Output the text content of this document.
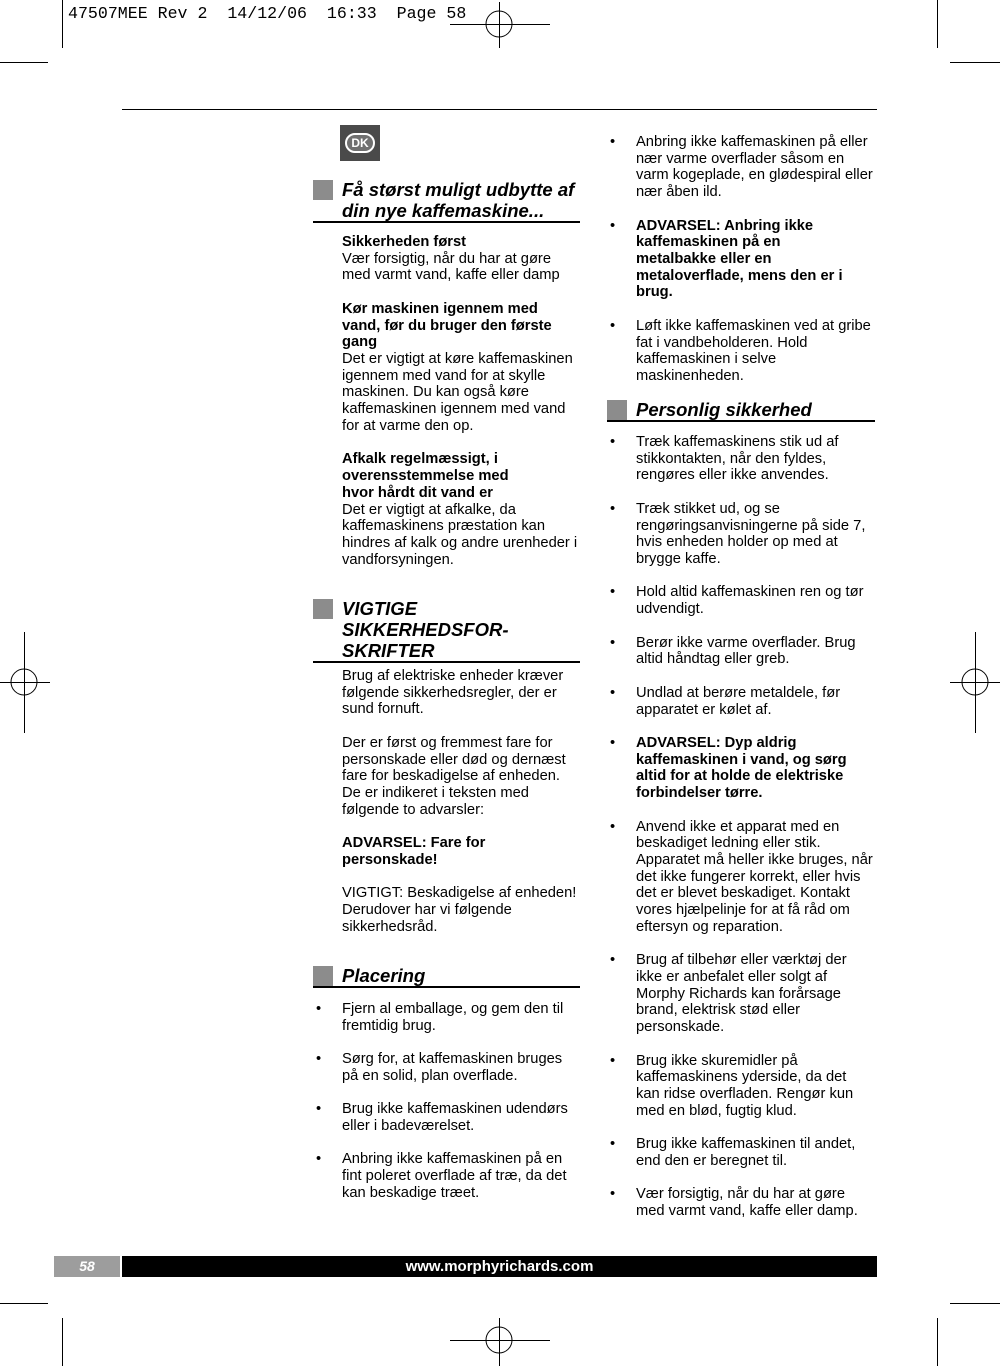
47507MEE Rev 2  14/12/06  16:33  Page 58
DK
Få størst muligt udbytte af
din nye kaffemaskine...
Sikkerheden først
Vær forsigtig, når du har at gøre
med varmt vand, kaffe eller damp
Kør maskinen igennem med
vand, før du bruger den første
gang
Det er vigtigt at køre kaffemaskinen
igennem med vand for at skylle
maskinen. Du kan også køre
kaffemaskinen igennem med vand
for at varme den op.
Afkalk regelmæssigt, i
overensstemmelse med
hvor hårdt dit vand er
Det er vigtigt at afkalke, da
kaffemaskinens præstation kan
hindres af kalk og andre urenheder i
vandforsyningen.
VIGTIGE
SIKKERHEDSFOR-
SKRIFTER
Brug af elektriske enheder kræver
følgende sikkerhedsregler, der er
sund fornuft.
Der er først og fremmest fare for
personskade eller død og dernæst
fare for beskadigelse af enheden.
De er indikeret i teksten med
følgende to advarsler:
ADVARSEL: Fare for
personskade!
VIGTIGT: Beskadigelse af enheden!
Derudover har vi følgende
sikkerhedsråd.
Placering
•
Fjern al emballage, og gem den til
fremtidig brug.
•
Sørg for, at kaffemaskinen bruges
på en solid, plan overflade.
•
Brug ikke kaffemaskinen udendørs
eller i badeværelset.
•
Anbring ikke kaffemaskinen på en
fint poleret overflade af træ, da det
kan beskadige træet.
•
Anbring ikke kaffemaskinen på eller
nær varme overflader såsom en
varm kogeplade, en glødespiral eller
nær åben ild.
•
ADVARSEL: Anbring ikke
kaffemaskinen på en
metalbakke eller en
metaloverflade, mens den er i
brug.
•
Løft ikke kaffemaskinen ved at gribe
fat i vandbeholderen. Hold
kaffemaskinen i selve
maskinenheden.
Personlig sikkerhed
•
Træk kaffemaskinens stik ud af
stikkontakten, når den fyldes,
rengøres eller ikke anvendes.
•
Træk stikket ud, og se
rengøringsanvisningerne på side 7,
hvis enheden holder op med at
brygge kaffe.
•
Hold altid kaffemaskinen ren og tør
udvendigt.
•
Berør ikke varme overflader. Brug
altid håndtag eller greb.
•
Undlad at berøre metaldele, før
apparatet er kølet af.
•
ADVARSEL: Dyp aldrig
kaffemaskinen i vand, og sørg
altid for at holde de elektriske
forbindelser tørre.
•
Anvend ikke et apparat med en
beskadiget ledning eller stik.
Apparatet må heller ikke bruges, når
det ikke fungerer korrekt, eller hvis
det er blevet beskadiget. Kontakt
vores hjælpelinje for at få råd om
eftersyn og reparation.
•
Brug af tilbehør eller værktøj der
ikke er anbefalet eller solgt af
Morphy Richards kan forårsage
brand, elektrisk stød eller
personskade.
•
Brug ikke skuremidler på
kaffemaskinens yderside, da det
kan ridse overfladen. Rengør kun
med en blød, fugtig klud.
•
Brug ikke kaffemaskinen til andet,
end den er beregnet til.
•
Vær forsigtig, når du har at gøre
med varmt vand, kaffe eller damp.
58	www.morphyrichards.com
